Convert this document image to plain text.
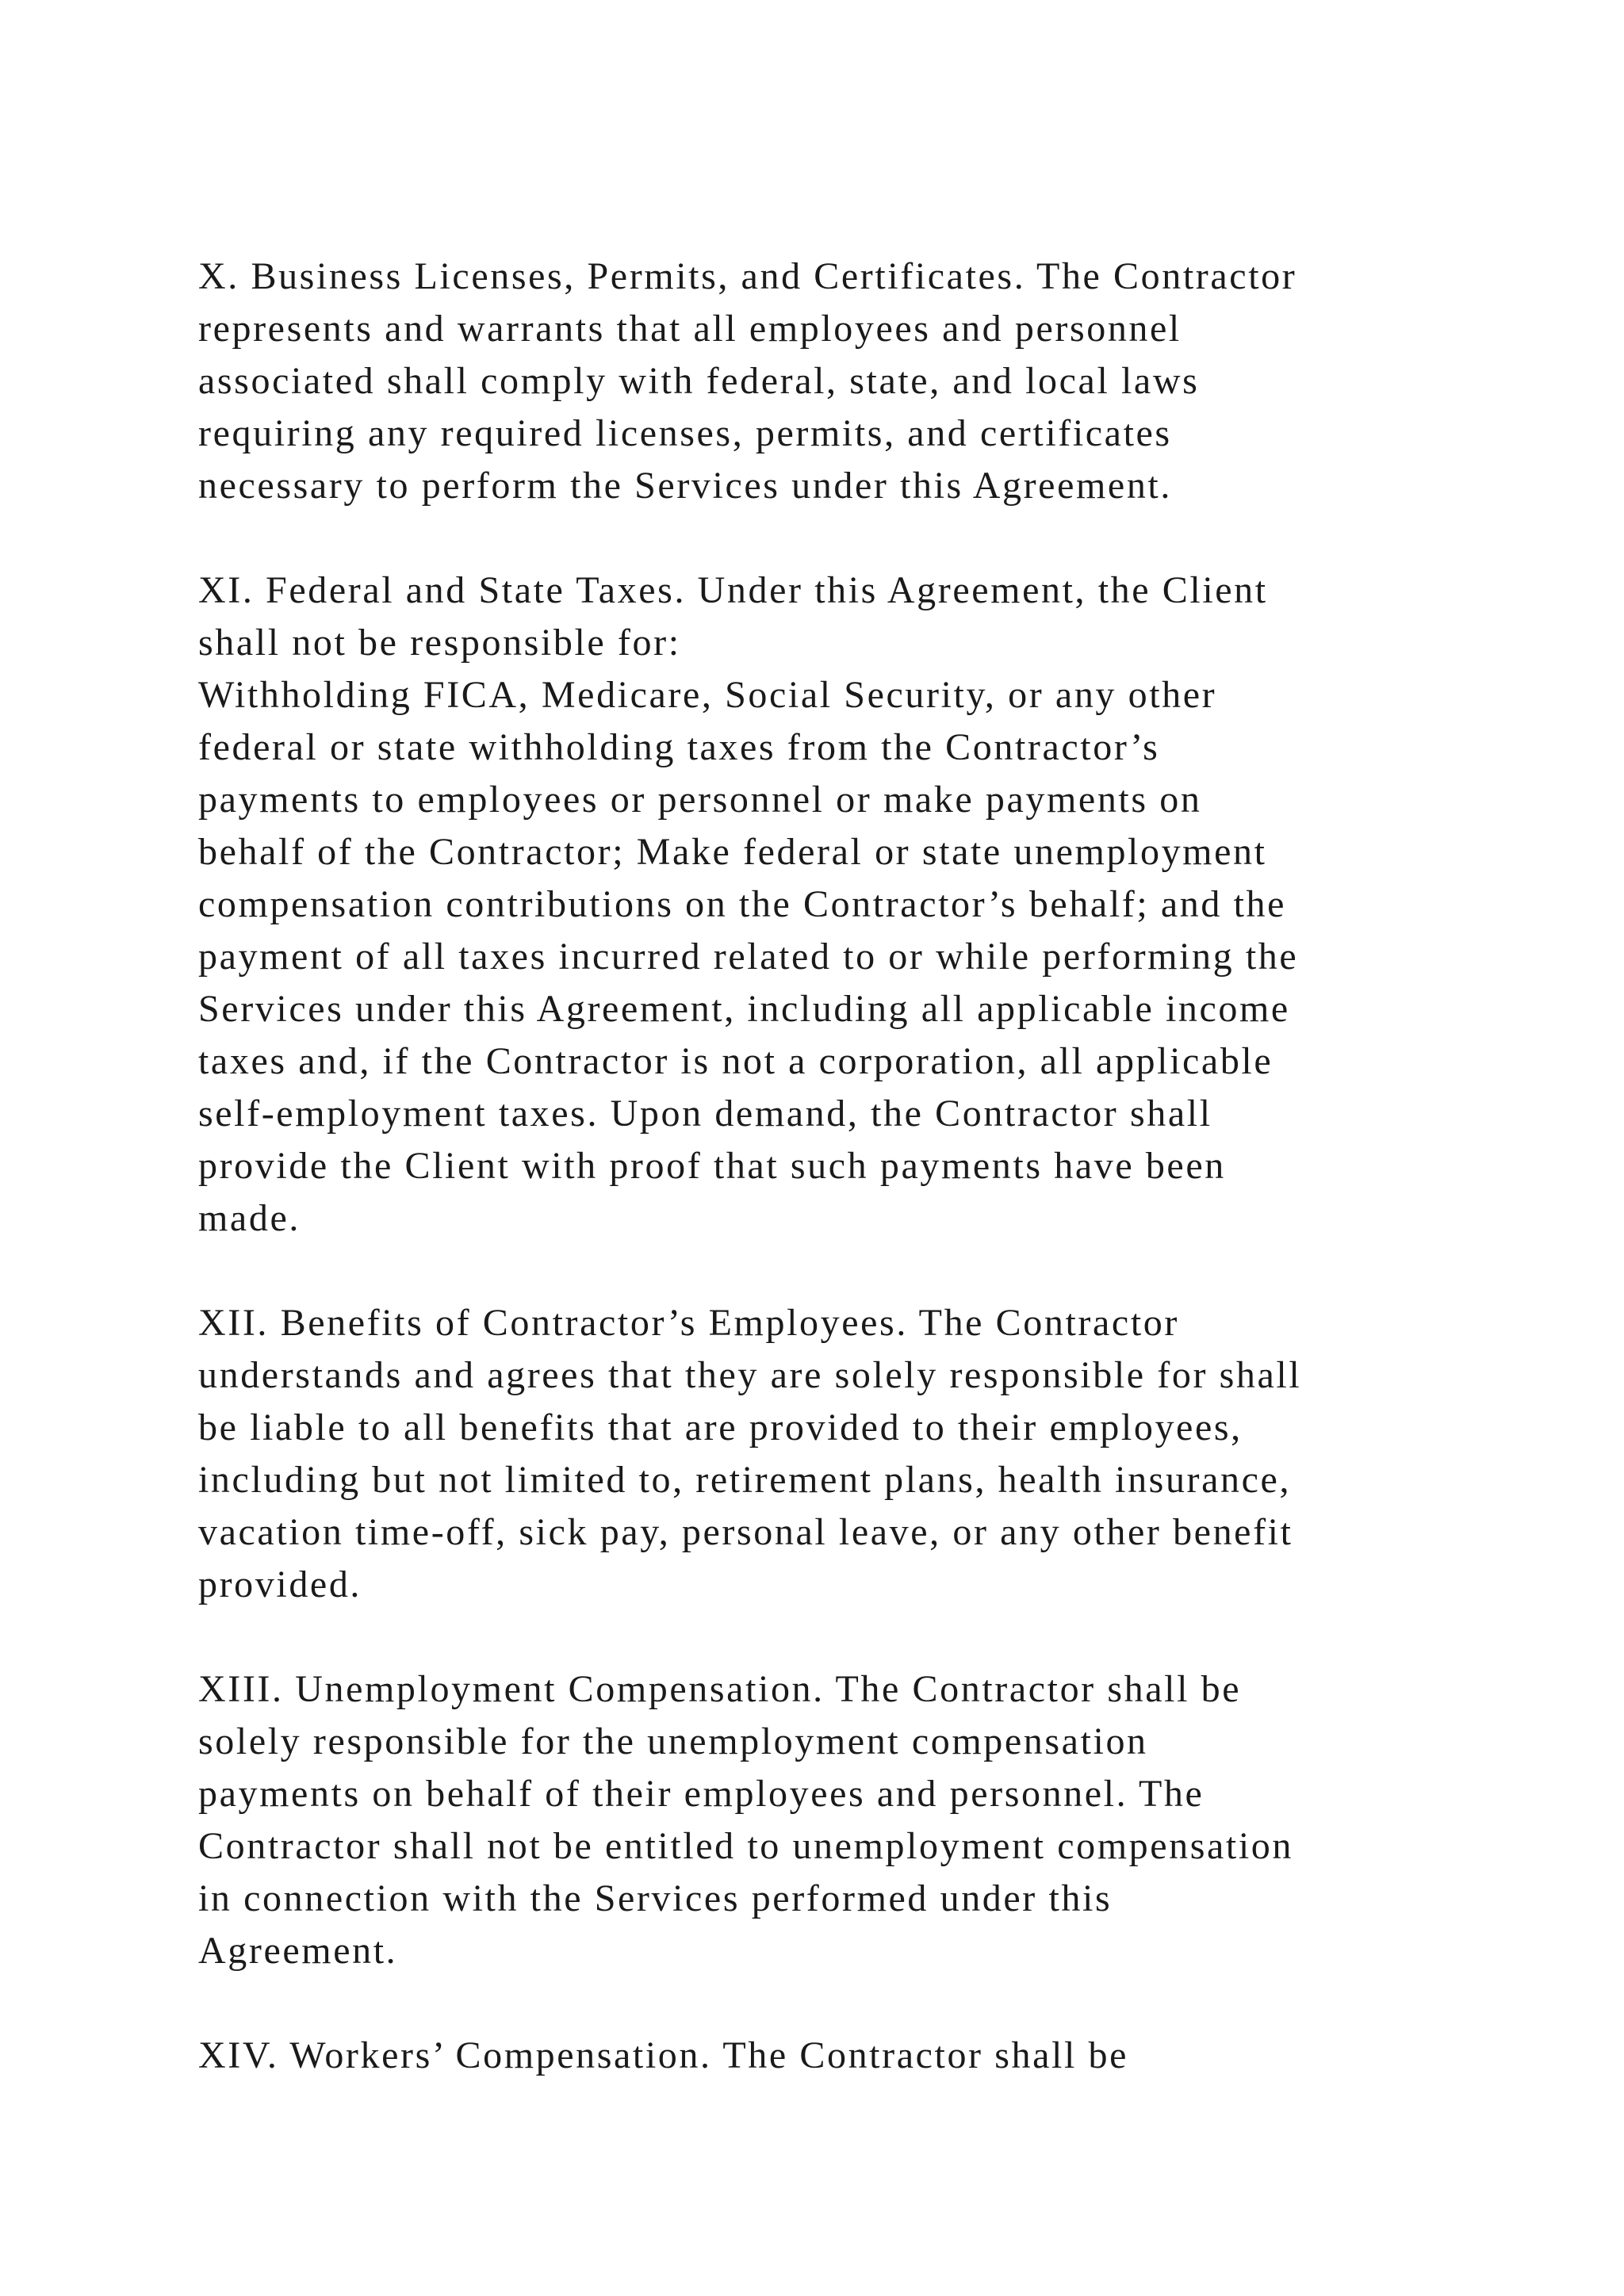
X. Business Licenses, Permits, and Certificates. The Contractor
represents and warrants that all employees and personnel
associated shall comply with federal, state, and local laws
requiring any required licenses, permits, and certificates
necessary to perform the Services under this Agreement.
XI. Federal and State Taxes. Under this Agreement, the Client
shall not be responsible for:
Withholding FICA, Medicare, Social Security, or any other
federal or state withholding taxes from the Contractor’s
payments to employees or personnel or make payments on
behalf of the Contractor; Make federal or state unemployment
compensation contributions on the Contractor’s behalf; and the
payment of all taxes incurred related to or while performing the
Services under this Agreement, including all applicable income
taxes and, if the Contractor is not a corporation, all applicable
self-employment taxes. Upon demand, the Contractor shall
provide the Client with proof that such payments have been
made.
XII. Benefits of Contractor’s Employees. The Contractor
understands and agrees that they are solely responsible for shall
be liable to all benefits that are provided to their employees,
including but not limited to, retirement plans, health insurance,
vacation time-off, sick pay, personal leave, or any other benefit
provided.
XIII. Unemployment Compensation. The Contractor shall be
solely responsible for the unemployment compensation
payments on behalf of their employees and personnel. The
Contractor shall not be entitled to unemployment compensation
in connection with the Services performed under this
Agreement.
XIV. Workers’ Compensation. The Contractor shall be
